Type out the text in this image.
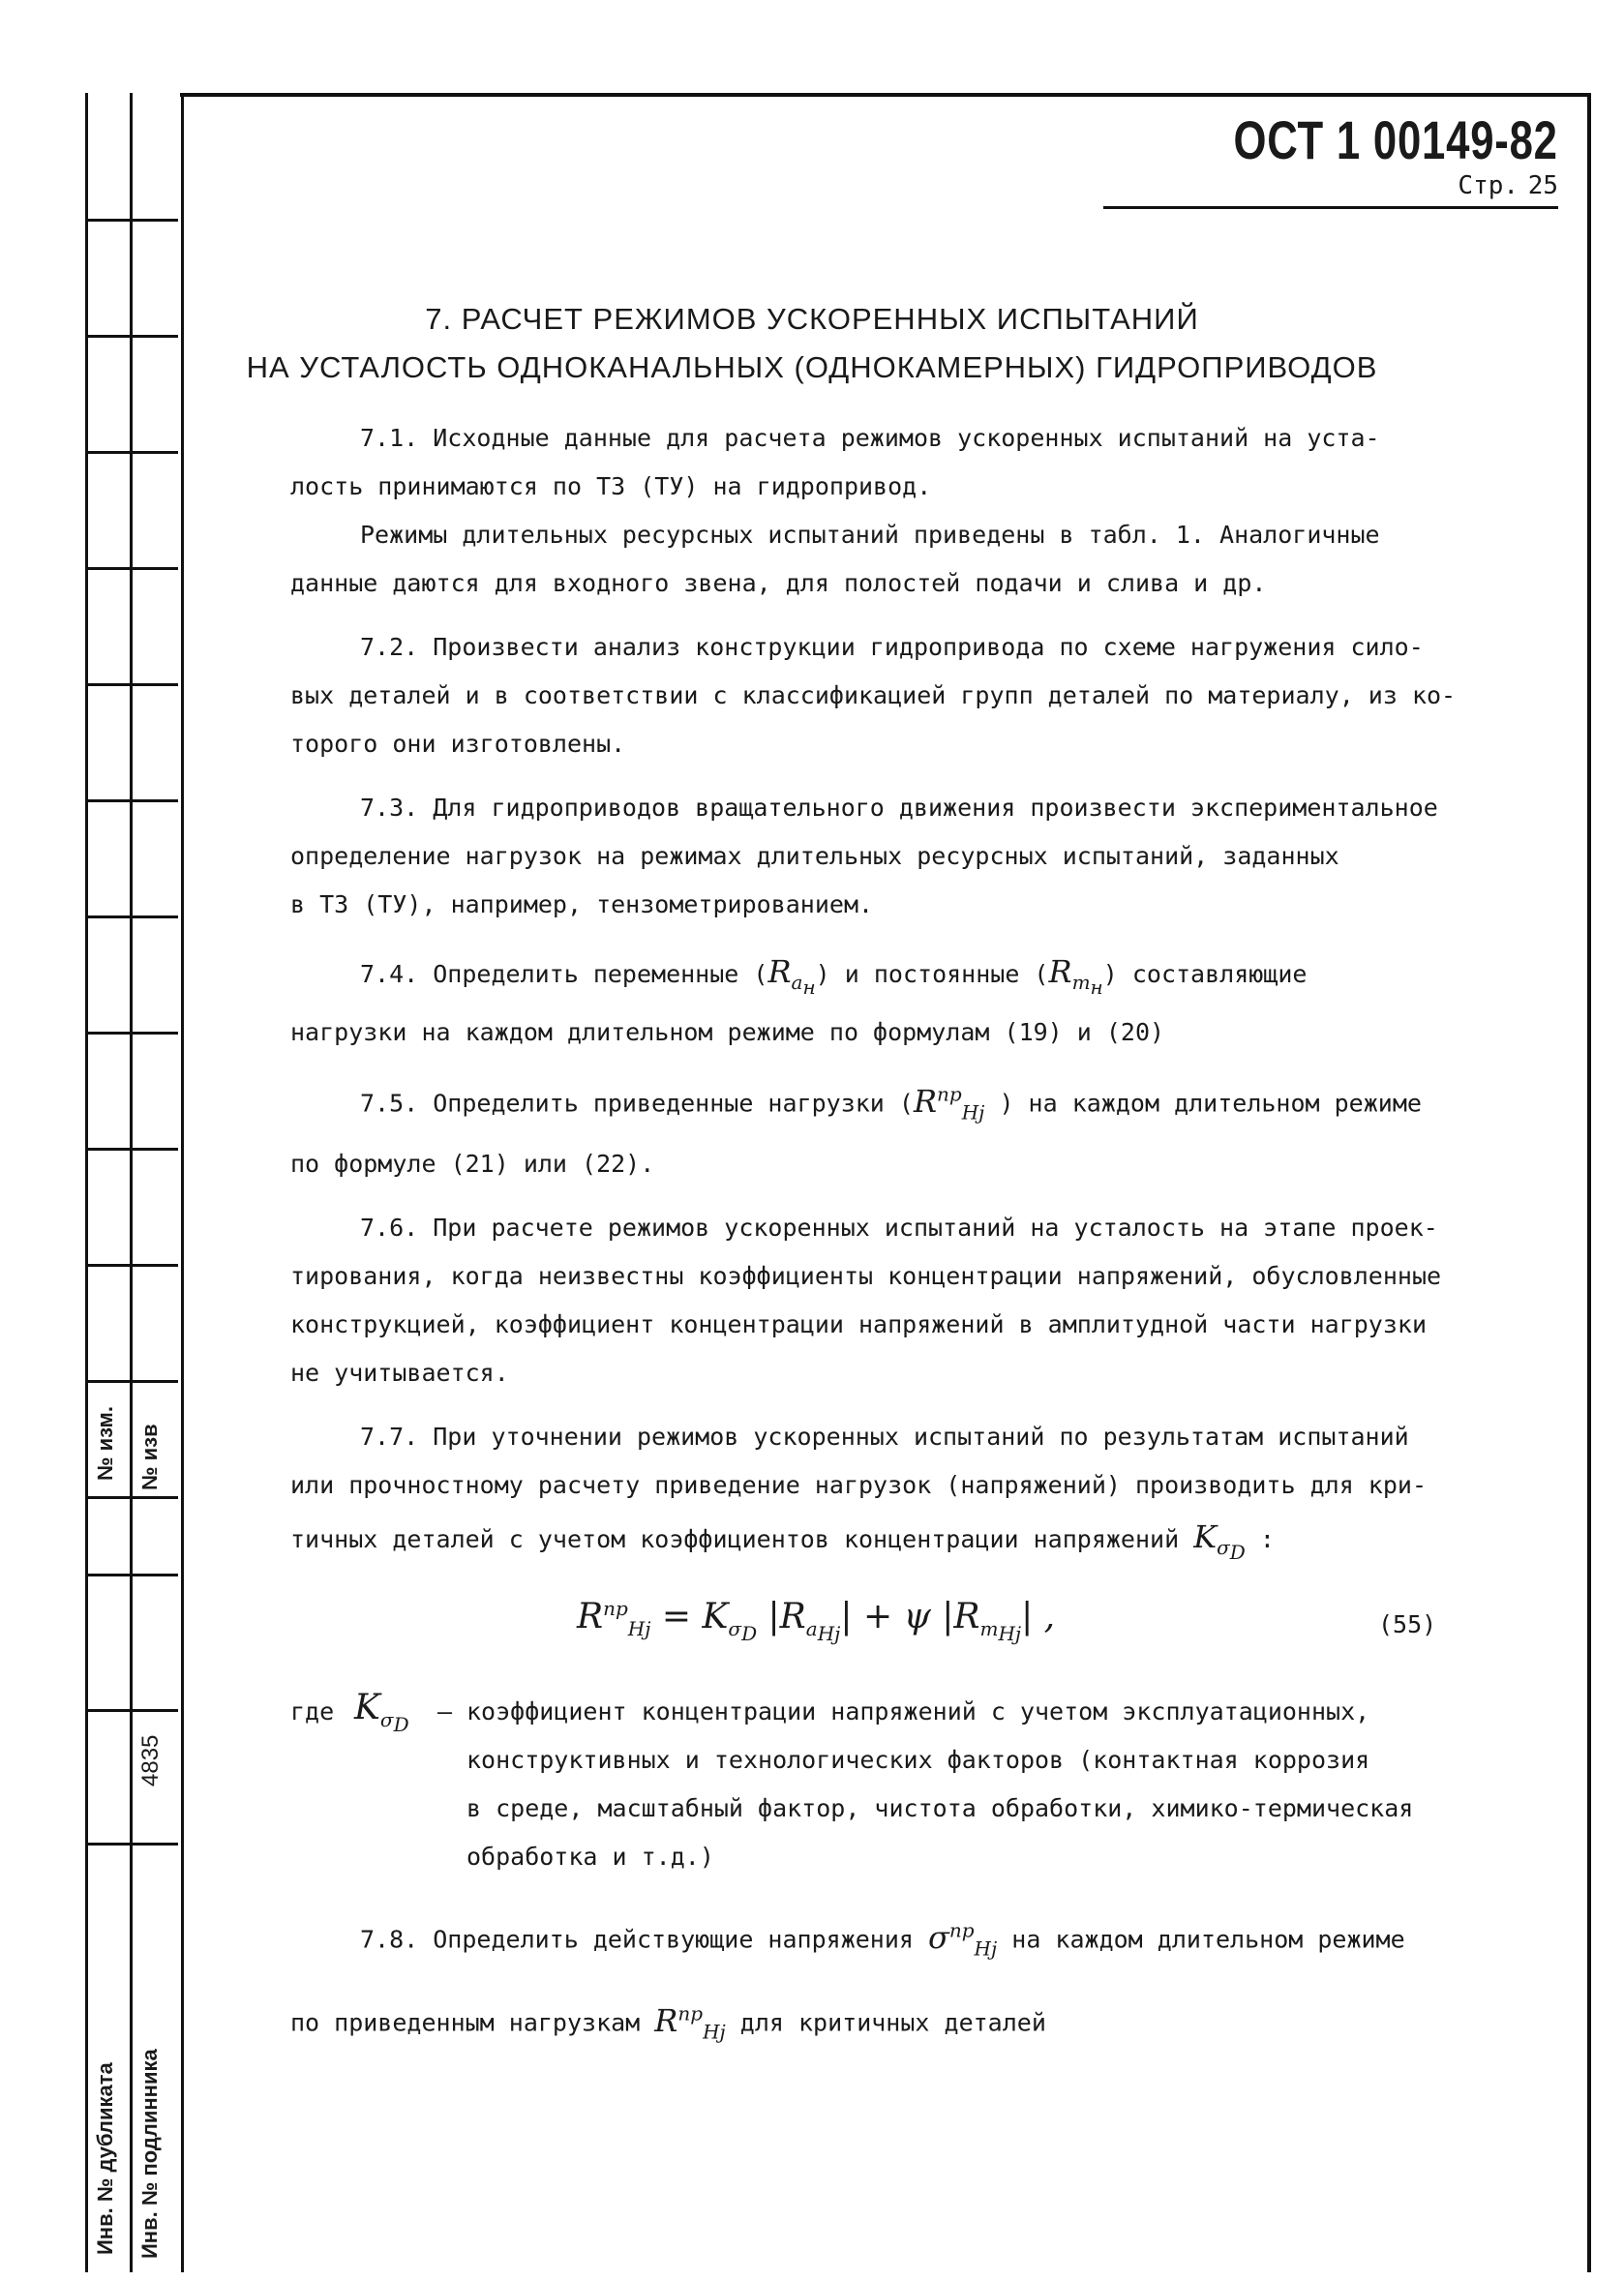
№ изм. № изв
4835
Инв. № дубликата Инв. № подлинника
ОСТ 1 00149-82 Стр. 25
7. РАСЧЕТ РЕЖИМОВ УСКОРЕННЫХ ИСПЫТАНИЙ
НА УСТАЛОСТЬ ОДНОКАНАЛЬНЫХ (ОДНОКАМЕРНЫХ) ГИДРОПРИВОДОВ
7.1. Исходные данные для расчета режимов ускоренных испытаний на уста-
лость принимаются по ТЗ (ТУ) на гидропривод.
Режимы длительных ресурсных испытаний приведены в табл. 1. Аналогичные
данные даются для входного звена, для полостей подачи и слива и др.
7.2. Произвести анализ конструкции гидропривода по схеме нагружения сило-
вых деталей и в соответствии с классификацией групп деталей по материалу, из ко-
торого они изготовлены.
7.3. Для гидроприводов вращательного движения произвести экспериментальное
определение нагрузок на режимах длительных ресурсных испытаний, заданных
в ТЗ (ТУ), например, тензометрированием.
7.4. Определить переменные $(R_{a_н})$ и постоянные $(R_{m_н})$ составляющие
нагрузки на каждом длительном режиме по формулам (19) и (20)
7.5. Определить приведенные нагрузки ($R^{пр}_{Hj}$ ) на каждом длительном режиме
по формуле (21) или (22).
7.6. При расчете режимов ускоренных испытаний на усталость на этапе проек-
тирования, когда неизвестны коэффициенты концентрации напряжений, обусловленные
конструкцией, коэффициент концентрации напряжений в амплитудной части нагрузки
не учитывается.
7.7. При уточнении режимов ускоренных испытаний по результатам испытаний
или прочностному расчету приведение нагрузок (напряжений) производить для кри-
тичных деталей с учетом коэффициентов концентрации напряжений $K_{\sigma_D}$ :
$R^{пр}_{Hj} = K_{\sigma_D}$ $|R_{a_{Hj}}| + \psi$ $|R_{m_{Hj}}|$ ,	(55)
где $K_{\sigma_D}$ – коэффициент концентрации напряжений с учетом эксплуатационных,
конструктивных и технологических факторов (контактная коррозия
в среде, масштабный фактор, чистота обработки, химико-термическая
обработка и т.д.)
7.8. Определить действующие напряжения $\sigma^{пр}_{Hj}$ на каждом длительном режиме
по приведенным нагрузкам $R^{пр}_{Hj}$ для критичных деталей
